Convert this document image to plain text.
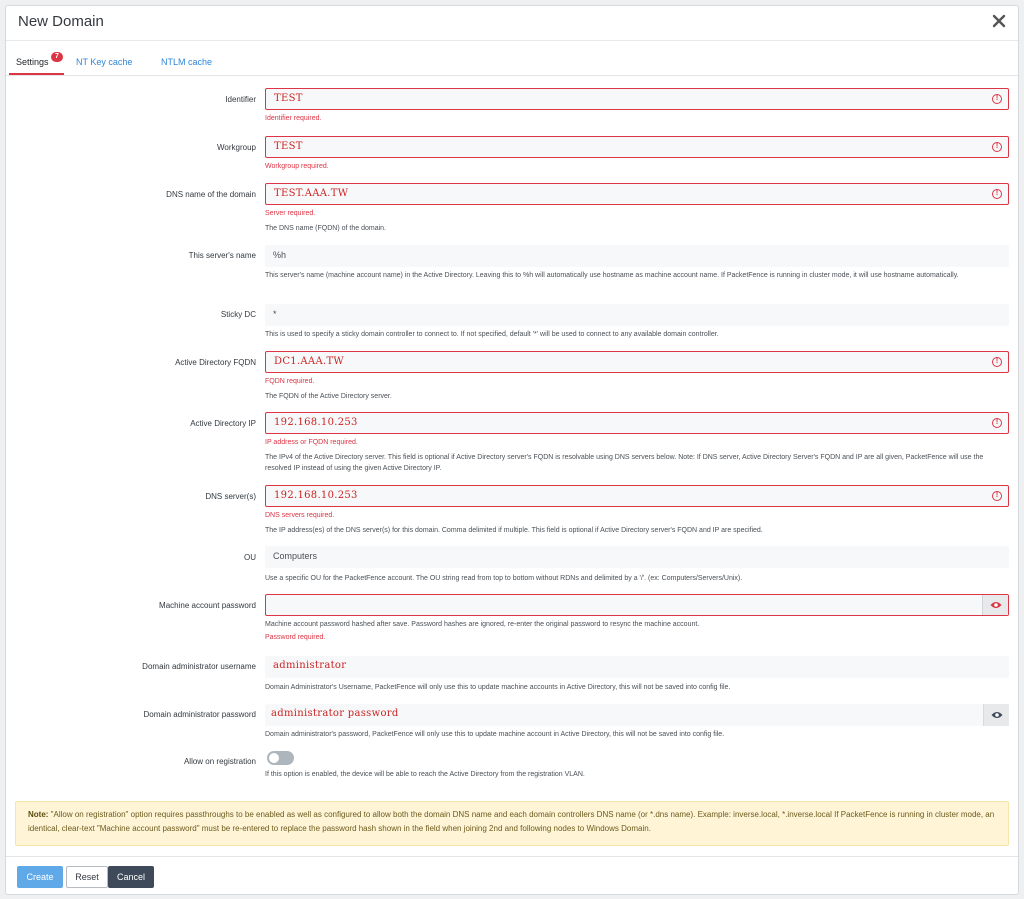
New Domain
Settings
7
NT Key cache	NTLM cache
Identifier TEST	!
Identifier required.
Workgroup TEST	!
Workgroup required.
DNS name of the domain TEST.AAA.TW	!
Server required.
The DNS name (FQDN) of the domain.
This server's name %h
This server's name (machine account name) in the Active Directory. Leaving this to %h will automatically use hostname as machine account name. If PacketFence is running in cluster mode, it will use hostname automatically.
Sticky DC *
This is used to specify a sticky domain controller to connect to. If not specified, default '*' will be used to connect to any available domain controller.
Active Directory FQDN DC1.AAA.TW	!
FQDN required.
The FQDN of the Active Directory server.
Active Directory IP 192.168.10.253	!
IP address or FQDN required.
The IPv4 of the Active Directory server. This field is optional if Active Directory server's FQDN is resolvable using DNS servers below. Note: If DNS server, Active Directory Server's FQDN and IP are all given, PacketFence will use the resolved IP instead of using the given Active Directory IP.
DNS server(s) 192.168.10.253	!
DNS servers required.
The IP address(es) of the DNS server(s) for this domain. Comma delimited if multiple. This field is optional if Active Directory server's FQDN and IP are specified.
OU Computers
Use a specific OU for the PacketFence account. The OU string read from top to bottom without RDNs and delimited by a '/'. (ex: Computers/Servers/Unix).
Machine account password
Machine account password hashed after save. Password hashes are ignored, re-enter the original password to resync the machine account.
Password required.
Domain administrator username administrator
Domain Administrator's Username, PacketFence will only use this to update machine accounts in Active Directory, this will not be saved into config file.
Domain administrator password administrator password
Domain administrator's password, PacketFence will only use this to update machine account in Active Directory, this will not be saved into config file.
Allow on registration
If this option is enabled, the device will be able to reach the Active Directory from the registration VLAN.
Note: "Allow on registration" option requires passthroughs to be enabled as well as configured to allow both the domain DNS name and each domain controllers DNS name (or *.dns name). Example: inverse.local, *.inverse.local If PacketFence is running in cluster mode, an identical, clear-text "Machine account password" must be re-entered to replace the password hash shown in the field when joining 2nd and following nodes to Windows Domain.
Create	Reset	Cancel
